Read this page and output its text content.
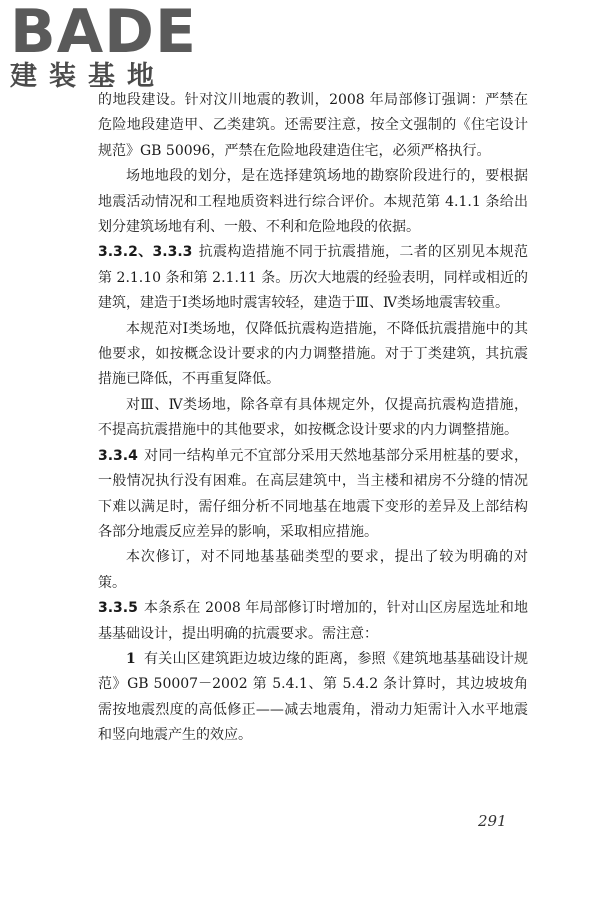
BADE
建装基地

的地段建设。针对汶川地震的教训，2008 年局部修订强调：严禁在危险地段建造甲、乙类建筑。还需要注意，按全文强制的《住宅设计规范》GB 50096，严禁在危险地段建造住宅，必须严格执行。

场地地段的划分，是在选择建筑场地的勘察阶段进行的，要根据地震活动情况和工程地质资料进行综合评价。本规范第 4.1.1 条给出划分建筑场地有利、一般、不利和危险地段的依据。

3.3.2、3.3.3 抗震构造措施不同于抗震措施，二者的区别见本规范第 2.1.10 条和第 2.1.11 条。历次大地震的经验表明，同样或相近的建筑，建造于Ⅰ类场地时震害较轻，建造于Ⅲ、Ⅳ类场地震害较重。

本规范对Ⅰ类场地，仅降低抗震构造措施，不降低抗震措施中的其他要求，如按概念设计要求的内力调整措施。对于丁类建筑，其抗震措施已降低，不再重复降低。

对Ⅲ、Ⅳ类场地，除各章有具体规定外，仅提高抗震构造措施，不提高抗震措施中的其他要求，如按概念设计要求的内力调整措施。

3.3.4 对同一结构单元不宜部分采用天然地基部分采用桩基的要求，一般情况执行没有困难。在高层建筑中，当主楼和裙房不分缝的情况下难以满足时，需仔细分析不同地基在地震下变形的差异及上部结构各部分地震反应差异的影响，采取相应措施。

本次修订，对不同地基基础类型的要求，提出了较为明确的对策。

3.3.5 本条系在 2008 年局部修订时增加的，针对山区房屋选址和地基基础设计，提出明确的抗震要求。需注意：

1 有关山区建筑距边坡边缘的距离，参照《建筑地基基础设计规范》GB 50007－2002 第 5.4.1、第 5.4.2 条计算时，其边坡坡角需按地震烈度的高低修正——减去地震角，滑动力矩需计入水平地震和竖向地震产生的效应。

291
